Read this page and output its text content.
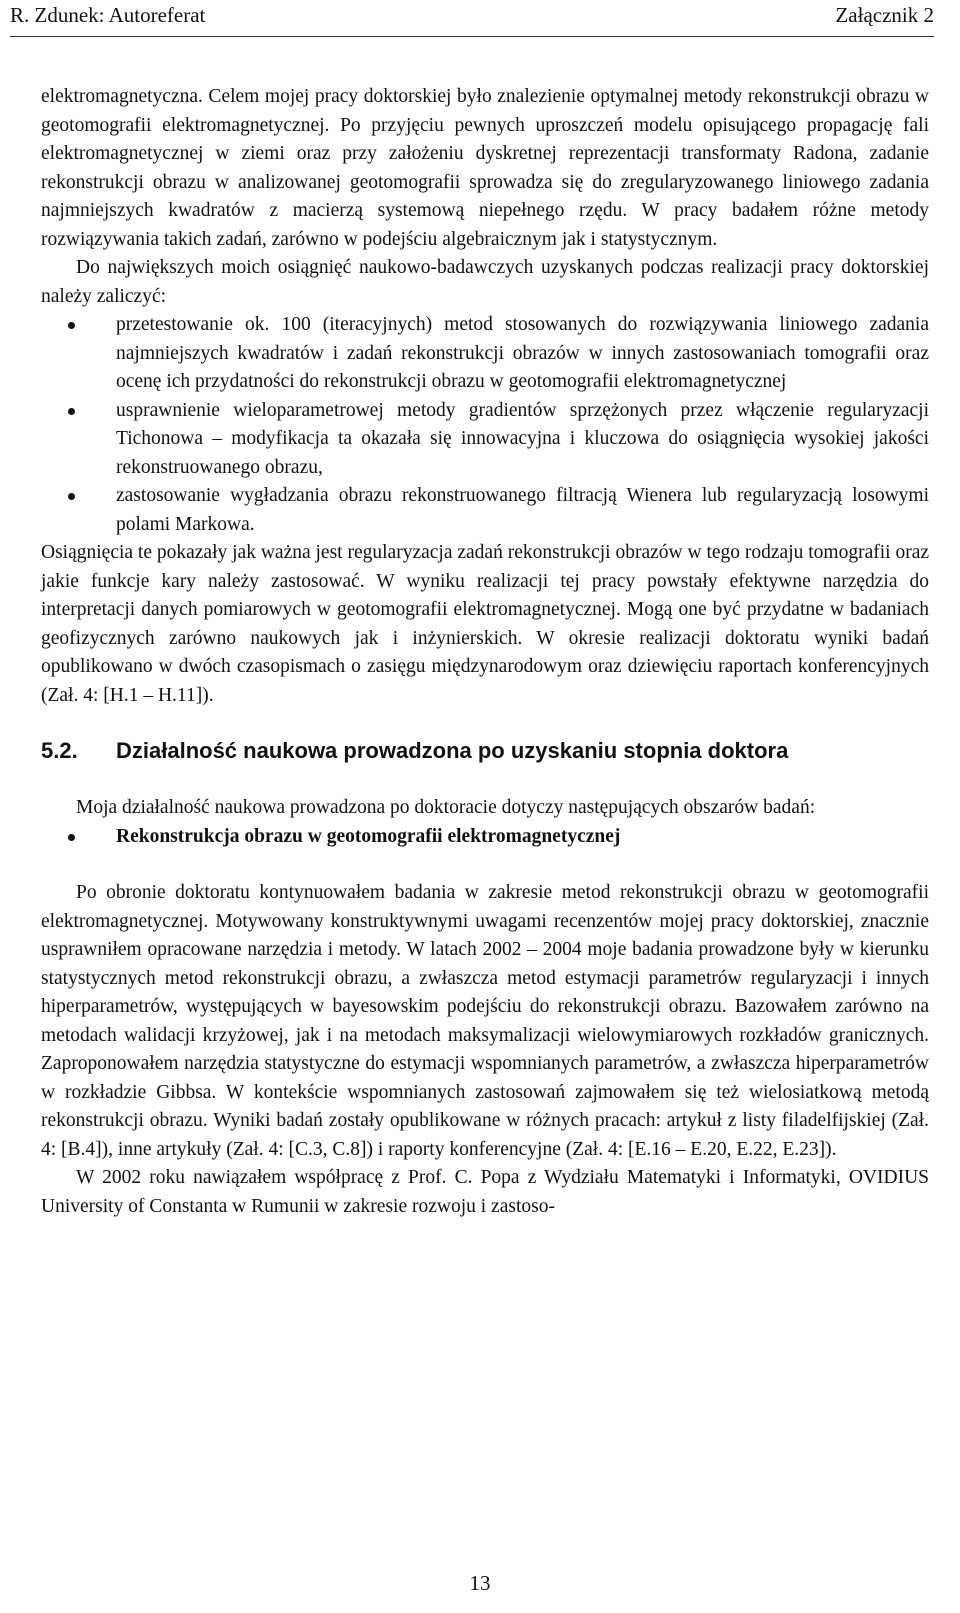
R. Zdunek: Autoreferat	Załącznik 2

elektromagnetyczna. Celem mojej pracy doktorskiej było znalezienie optymalnej metody rekonstrukcji obrazu w geotomografii elektromagnetycznej. Po przyjęciu pewnych uproszczeń modelu opisującego propagację fali elektromagnetycznej w ziemi oraz przy założeniu dyskretnej reprezentacji transformaty Radona, zadanie rekonstrukcji obrazu w analizowanej geotomografii sprowadza się do zregularyzowanego liniowego zadania najmniejszych kwadratów z macierzą systemową niepełnego rzędu. W pracy badałem różne metody rozwiązywania takich zadań, zarówno w podejściu algebraicznym jak i statystycznym.

Do największych moich osiągnięć naukowo-badawczych uzyskanych podczas realizacji pracy doktorskiej należy zaliczyć:

przetestowanie ok. 100 (iteracyjnych) metod stosowanych do rozwiązywania liniowego zadania najmniejszych kwadratów i zadań rekonstrukcji obrazów w innych zastosowaniach tomografii oraz ocenę ich przydatności do rekonstrukcji obrazu w geotomografii elektromagnetycznej
usprawnienie wieloparametrowej metody gradientów sprzężonych przez włączenie regularyzacji Tichonowa – modyfikacja ta okazała się innowacyjna i kluczowa do osiągnięcia wysokiej jakości rekonstruowanego obrazu,
zastosowanie wygładzania obrazu rekonstruowanego filtracją Wienera lub regularyzacją losowymi polami Markowa.

Osiągnięcia te pokazały jak ważna jest regularyzacja zadań rekonstrukcji obrazów w tego rodzaju tomografii oraz jakie funkcje kary należy zastosować. W wyniku realizacji tej pracy powstały efektywne narzędzia do interpretacji danych pomiarowych w geotomografii elektromagnetycznej. Mogą one być przydatne w badaniach geofizycznych zarówno naukowych jak i inżynierskich. W okresie realizacji doktoratu wyniki badań opublikowano w dwóch czasopismach o zasięgu międzynarodowym oraz dziewięciu raportach konferencyjnych (Zał. 4: [H.1 – H.11]).

5.2.	Działalność naukowa prowadzona po uzyskaniu stopnia doktora

Moja działalność naukowa prowadzona po doktoracie dotyczy następujących obszarów badań:

Rekonstrukcja obrazu w geotomografii elektromagnetycznej

Po obronie doktoratu kontynuowałem badania w zakresie metod rekonstrukcji obrazu w geotomografii elektromagnetycznej. Motywowany konstruktywnymi uwagami recenzentów mojej pracy doktorskiej, znacznie usprawniłem opracowane narzędzia i metody. W latach 2002 – 2004 moje badania prowadzone były w kierunku statystycznych metod rekonstrukcji obrazu, a zwłaszcza metod estymacji parametrów regularyzacji i innych hiperparametrów, występujących w bayesowskim podejściu do rekonstrukcji obrazu. Bazowałem zarówno na metodach walidacji krzyżowej, jak i na metodach maksymalizacji wielowymiarowych rozkładów granicznych. Zaproponowałem narzędzia statystyczne do estymacji wspomnianych parametrów, a zwłaszcza hiperparametrów w rozkładzie Gibbsa. W kontekście wspomnianych zastosowań zajmowałem się też wielosiatkową metodą rekonstrukcji obrazu. Wyniki badań zostały opublikowane w różnych pracach: artykuł z listy filadelfijskiej (Zał. 4: [B.4]), inne artykuły (Zał. 4: [C.3, C.8]) i raporty konferencyjne (Zał. 4: [E.16 – E.20, E.22, E.23]).

W 2002 roku nawiązałem współpracę z Prof. C. Popa z Wydziału Matematyki i Informatyki, OVIDIUS University of Constanta w Rumunii w zakresie rozwoju i zastoso-

13
